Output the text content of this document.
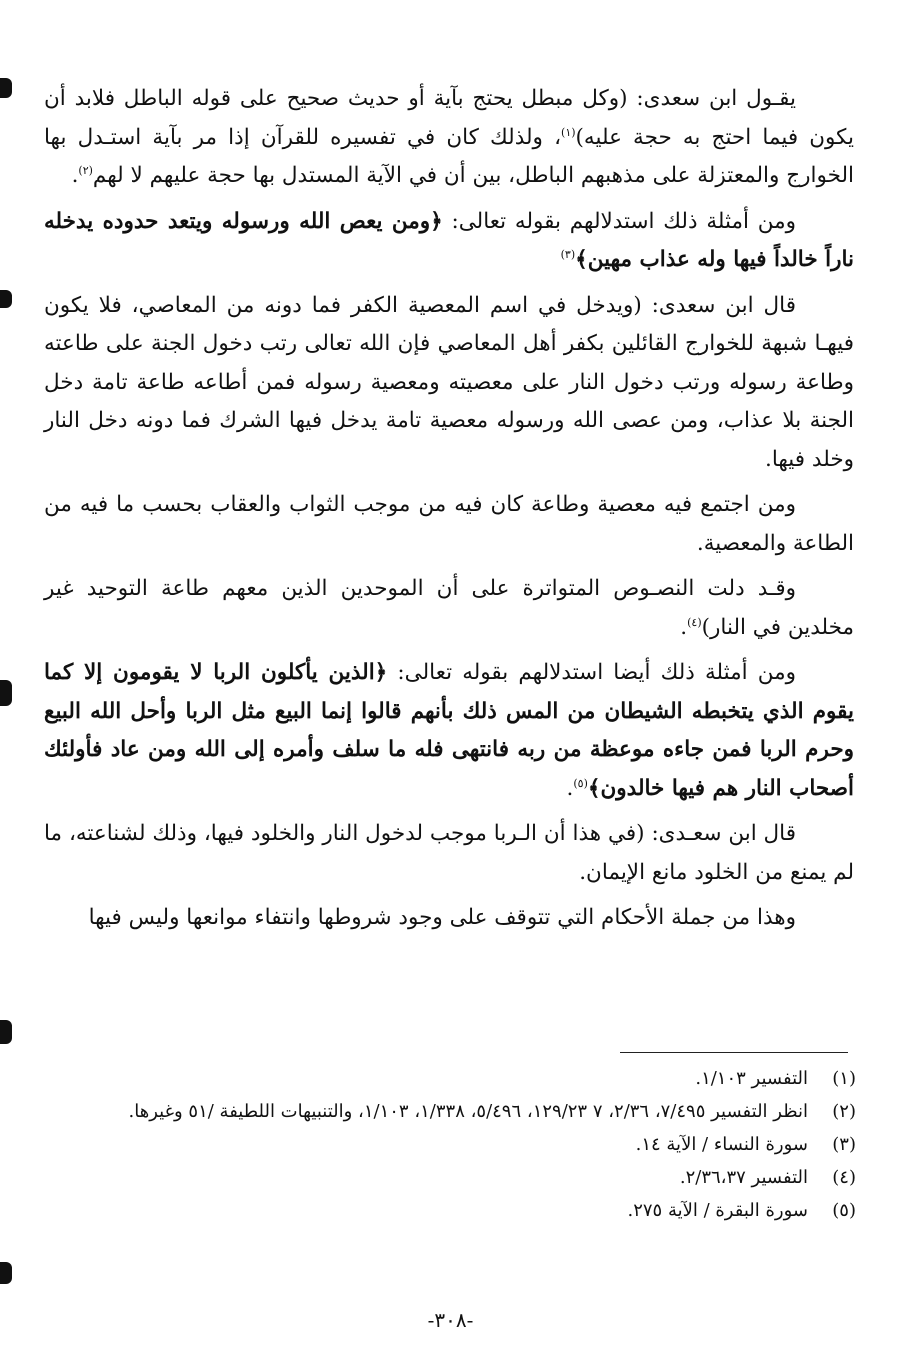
يقـول ابن سعدى: (وكل مبطل يحتج بآية أو حديث صحيح على قوله الباطل فلابد أن يكون فيما احتج به حجة عليه)$^{(١)}$، ولذلك كان في تفسيره للقرآن إذا مر بآية استـدل بها الخوارج والمعتزلة على مذهبهم الباطل، بين أن في الآية المستدل بها حجة عليهم لا لهم$^{(٢)}$.

ومن أمثلة ذلك استدلالهم بقوله تعالى: ﴿ومن يعص الله ورسوله ويتعد حدوده يدخله ناراً خالداً فيها وله عذاب مهين﴾$^{(٣)}$

قال ابن سعدى: (ويدخل في اسم المعصية الكفر فما دونه من المعاصي، فلا يكون فيهـا شبهة للخوارج القائلين بكفر أهل المعاصي فإن الله تعالى رتب دخول الجنة على طاعته وطاعة رسوله ورتب دخول النار على معصيته ومعصية رسوله فمن أطاعه طاعة تامة دخل الجنة بلا عذاب، ومن عصى الله ورسوله معصية تامة يدخل فيها الشرك فما دونه دخل النار وخلد فيها.

ومن اجتمع فيه معصية وطاعة كان فيه من موجب الثواب والعقاب بحسب ما فيه من الطاعة والمعصية.

وقـد دلت النصـوص المتواترة على أن الموحدين الذين معهم طاعة التوحيد غير مخلدين في النار)$^{(٤)}$.

ومن أمثلة ذلك أيضا استدلالهم بقوله تعالى: ﴿الذين يأكلون الربا لا يقومون إلا كما يقوم الذي يتخبطه الشيطان من المس ذلك بأنهم قالوا إنما البيع مثل الربا وأحل الله البيع وحرم الربا فمن جاءه موعظة من ربه فانتهى فله ما سلف وأمره إلى الله ومن عاد فأولئك أصحاب النار هم فيها خالدون﴾$^{(٥)}$.

قال ابن سعـدى: (في هذا أن الـربا موجب لدخول النار والخلود فيها، وذلك لشناعته، ما لم يمنع من الخلود مانع الإيمان.

وهذا من جملة الأحكام التي تتوقف على وجود شروطها وانتفاء موانعها وليس فيها

(١)
التفسير ١/١٠٣.
(٢)
انظر التفسير ٧/٤٩٥، ٢/٣٦، ٧ ١٢٩/٢٣، ٥/٤٩٦، ١/٣٣٨، ١/١٠٣، والتنبيهات اللطيفة /٥١ وغيرها.
(٣)
سورة النساء / الآية ١٤.
(٤)
التفسير ٢/٣٦،٣٧.
(٥)
سورة البقرة / الآية ٢٧٥.
-٣٠٨-
